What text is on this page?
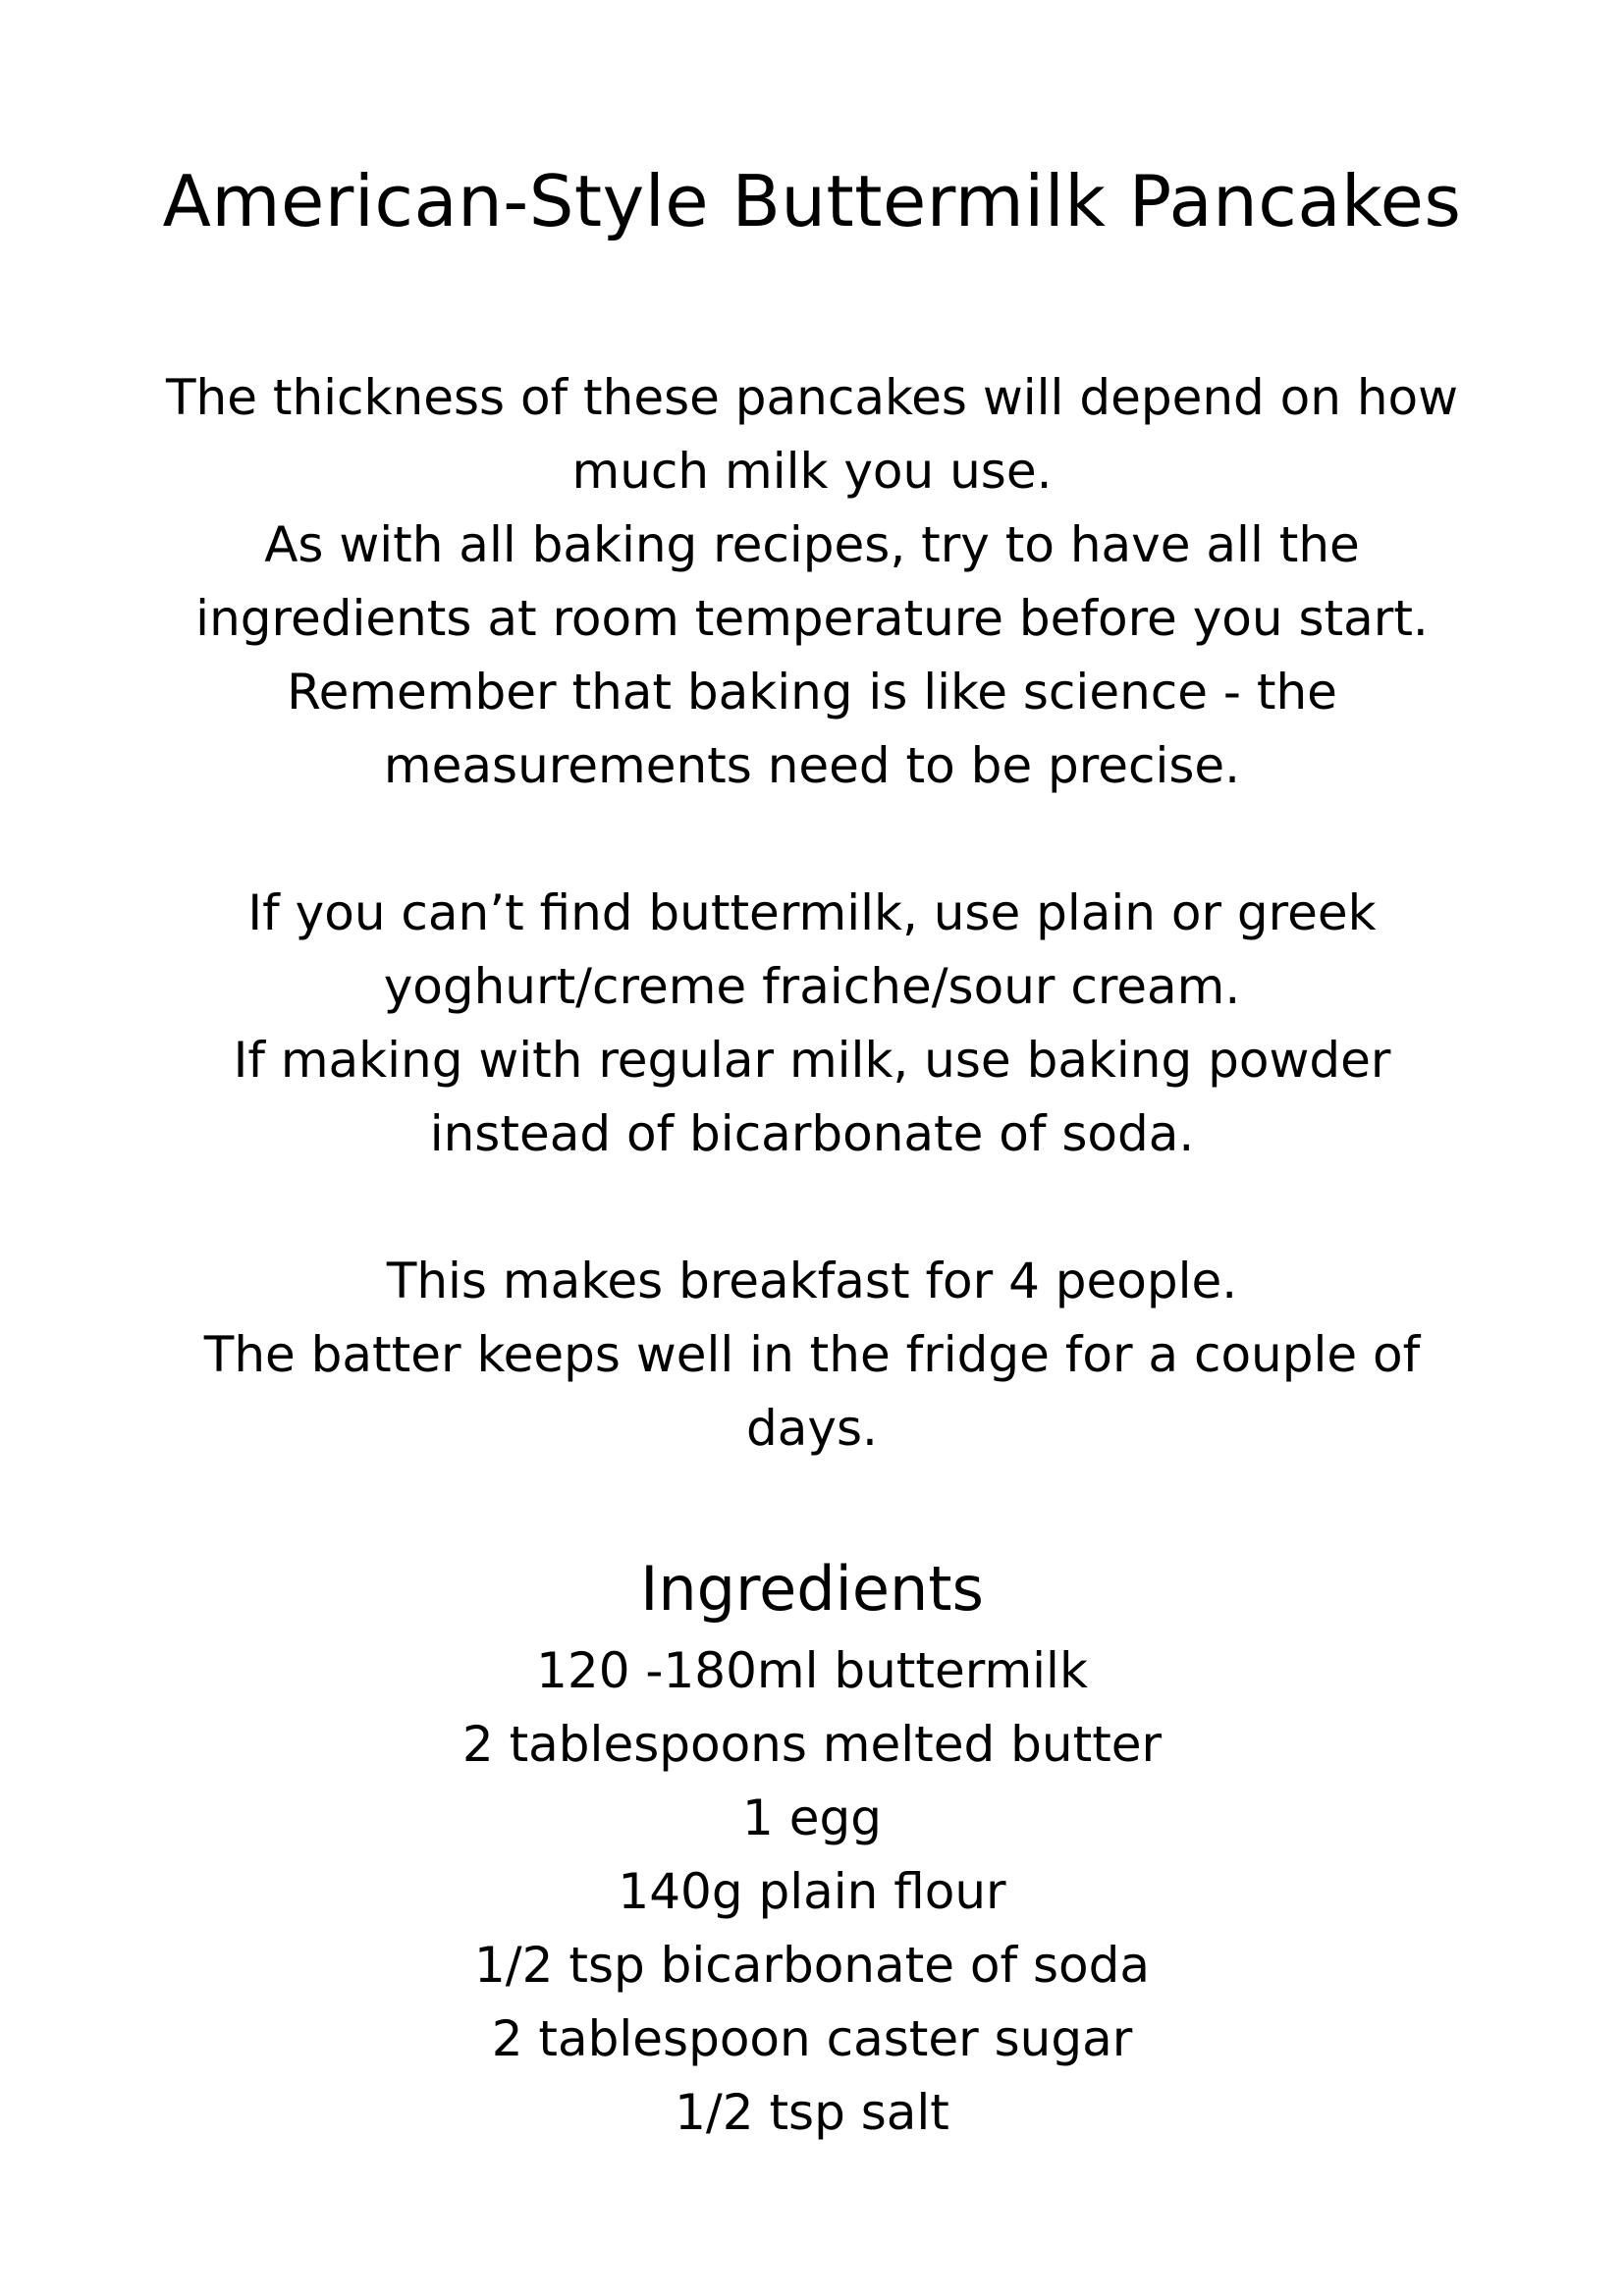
American-Style Buttermilk Pancakes
The thickness of these pancakes will depend on how
much milk you use.
As with all baking recipes, try to have all the
ingredients at room temperature before you start.
Remember that baking is like science - the
measurements need to be precise.
If you can’t find buttermilk, use plain or greek
yoghurt/creme fraiche/sour cream.
If making with regular milk, use baking powder
instead of bicarbonate of soda.
This makes breakfast for 4 people.
The batter keeps well in the fridge for a couple of
days.
Ingredients
120 -180ml buttermilk
2 tablespoons melted butter
1 egg
140g plain flour
1/2 tsp bicarbonate of soda
2 tablespoon caster sugar
1/2 tsp salt
